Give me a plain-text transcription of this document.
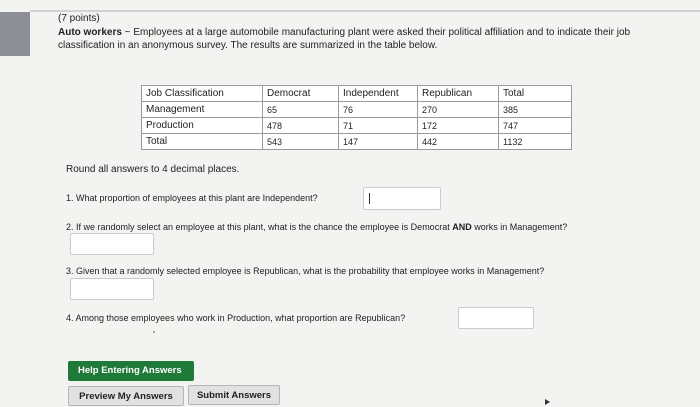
(7 points)
Auto workers ~ Employees at a large automobile manufacturing plant were asked their political affiliation and to indicate their job classification in an anonymous survey. The results are summarized in the table below.
Job Classification	Democrat	Independent	Republican	Total
Management	65	76	270	385
Production	478	71	172	747
Total	543	147	442	1132
Round all answers to 4 decimal places.
1. What proportion of employees at this plant are Independent?
2. If we randomly select an employee at this plant, what is the chance the employee is Democrat AND works in Management?
3. Given that a randomly selected employee is Republican, what is the probability that employee works in Management?
4. Among those employees who work in Production, what proportion are Republican?
Help Entering Answers
Preview My Answers	Submit Answers
